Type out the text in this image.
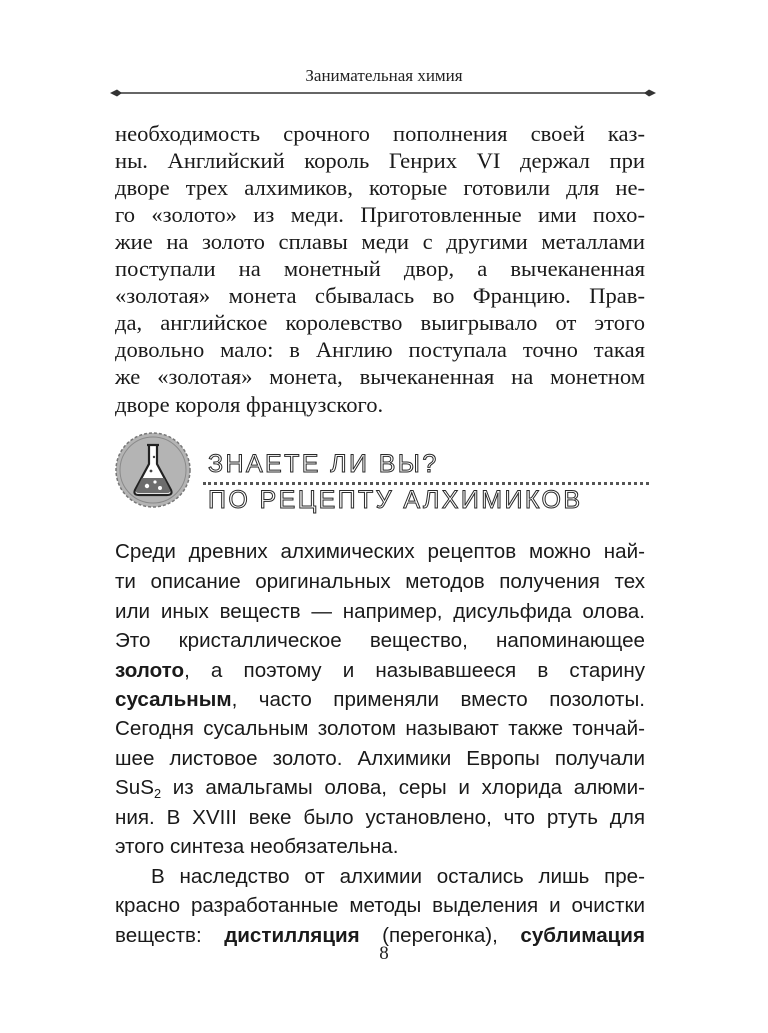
Занимательная химия
необходимость срочного пополнения своей каз-
ны. Английский король Генрих VI держал при
дворе трех алхимиков, которые готовили для не-
го «золото» из меди. Приготовленные ими похо-
жие на золото сплавы меди с другими металлами
поступали на монетный двор, а вычеканенная
«золотая» монета сбывалась во Францию. Прав-
да, английское королевство выигрывало от этого
довольно мало: в Англию поступала точно такая
же «золотая» монета, вычеканенная на монетном
дворе короля французского.
ЗНАЕТЕ ЛИ ВЫ?
ПО РЕЦЕПТУ АЛХИМИКОВ
Среди древних алхимических рецептов можно най-
ти описание оригинальных методов получения тех
или иных веществ — например, дисульфида олова.
Это кристаллическое вещество, напоминающее
золото, а поэтому и называвшееся в старину
сусальным, часто применяли вместо позолоты.
Сегодня сусальным золотом называют также тончай-
шее листовое золото. Алхимики Европы получали
SuS2 из амальгамы олова, серы и хлорида алюми-
ния. В XVIII веке было установлено, что ртуть для
этого синтеза необязательна.
В наследство от алхимии остались лишь пре-
красно разработанные методы выделения и очистки
веществ: дистилляция (перегонка), сублимация
8
